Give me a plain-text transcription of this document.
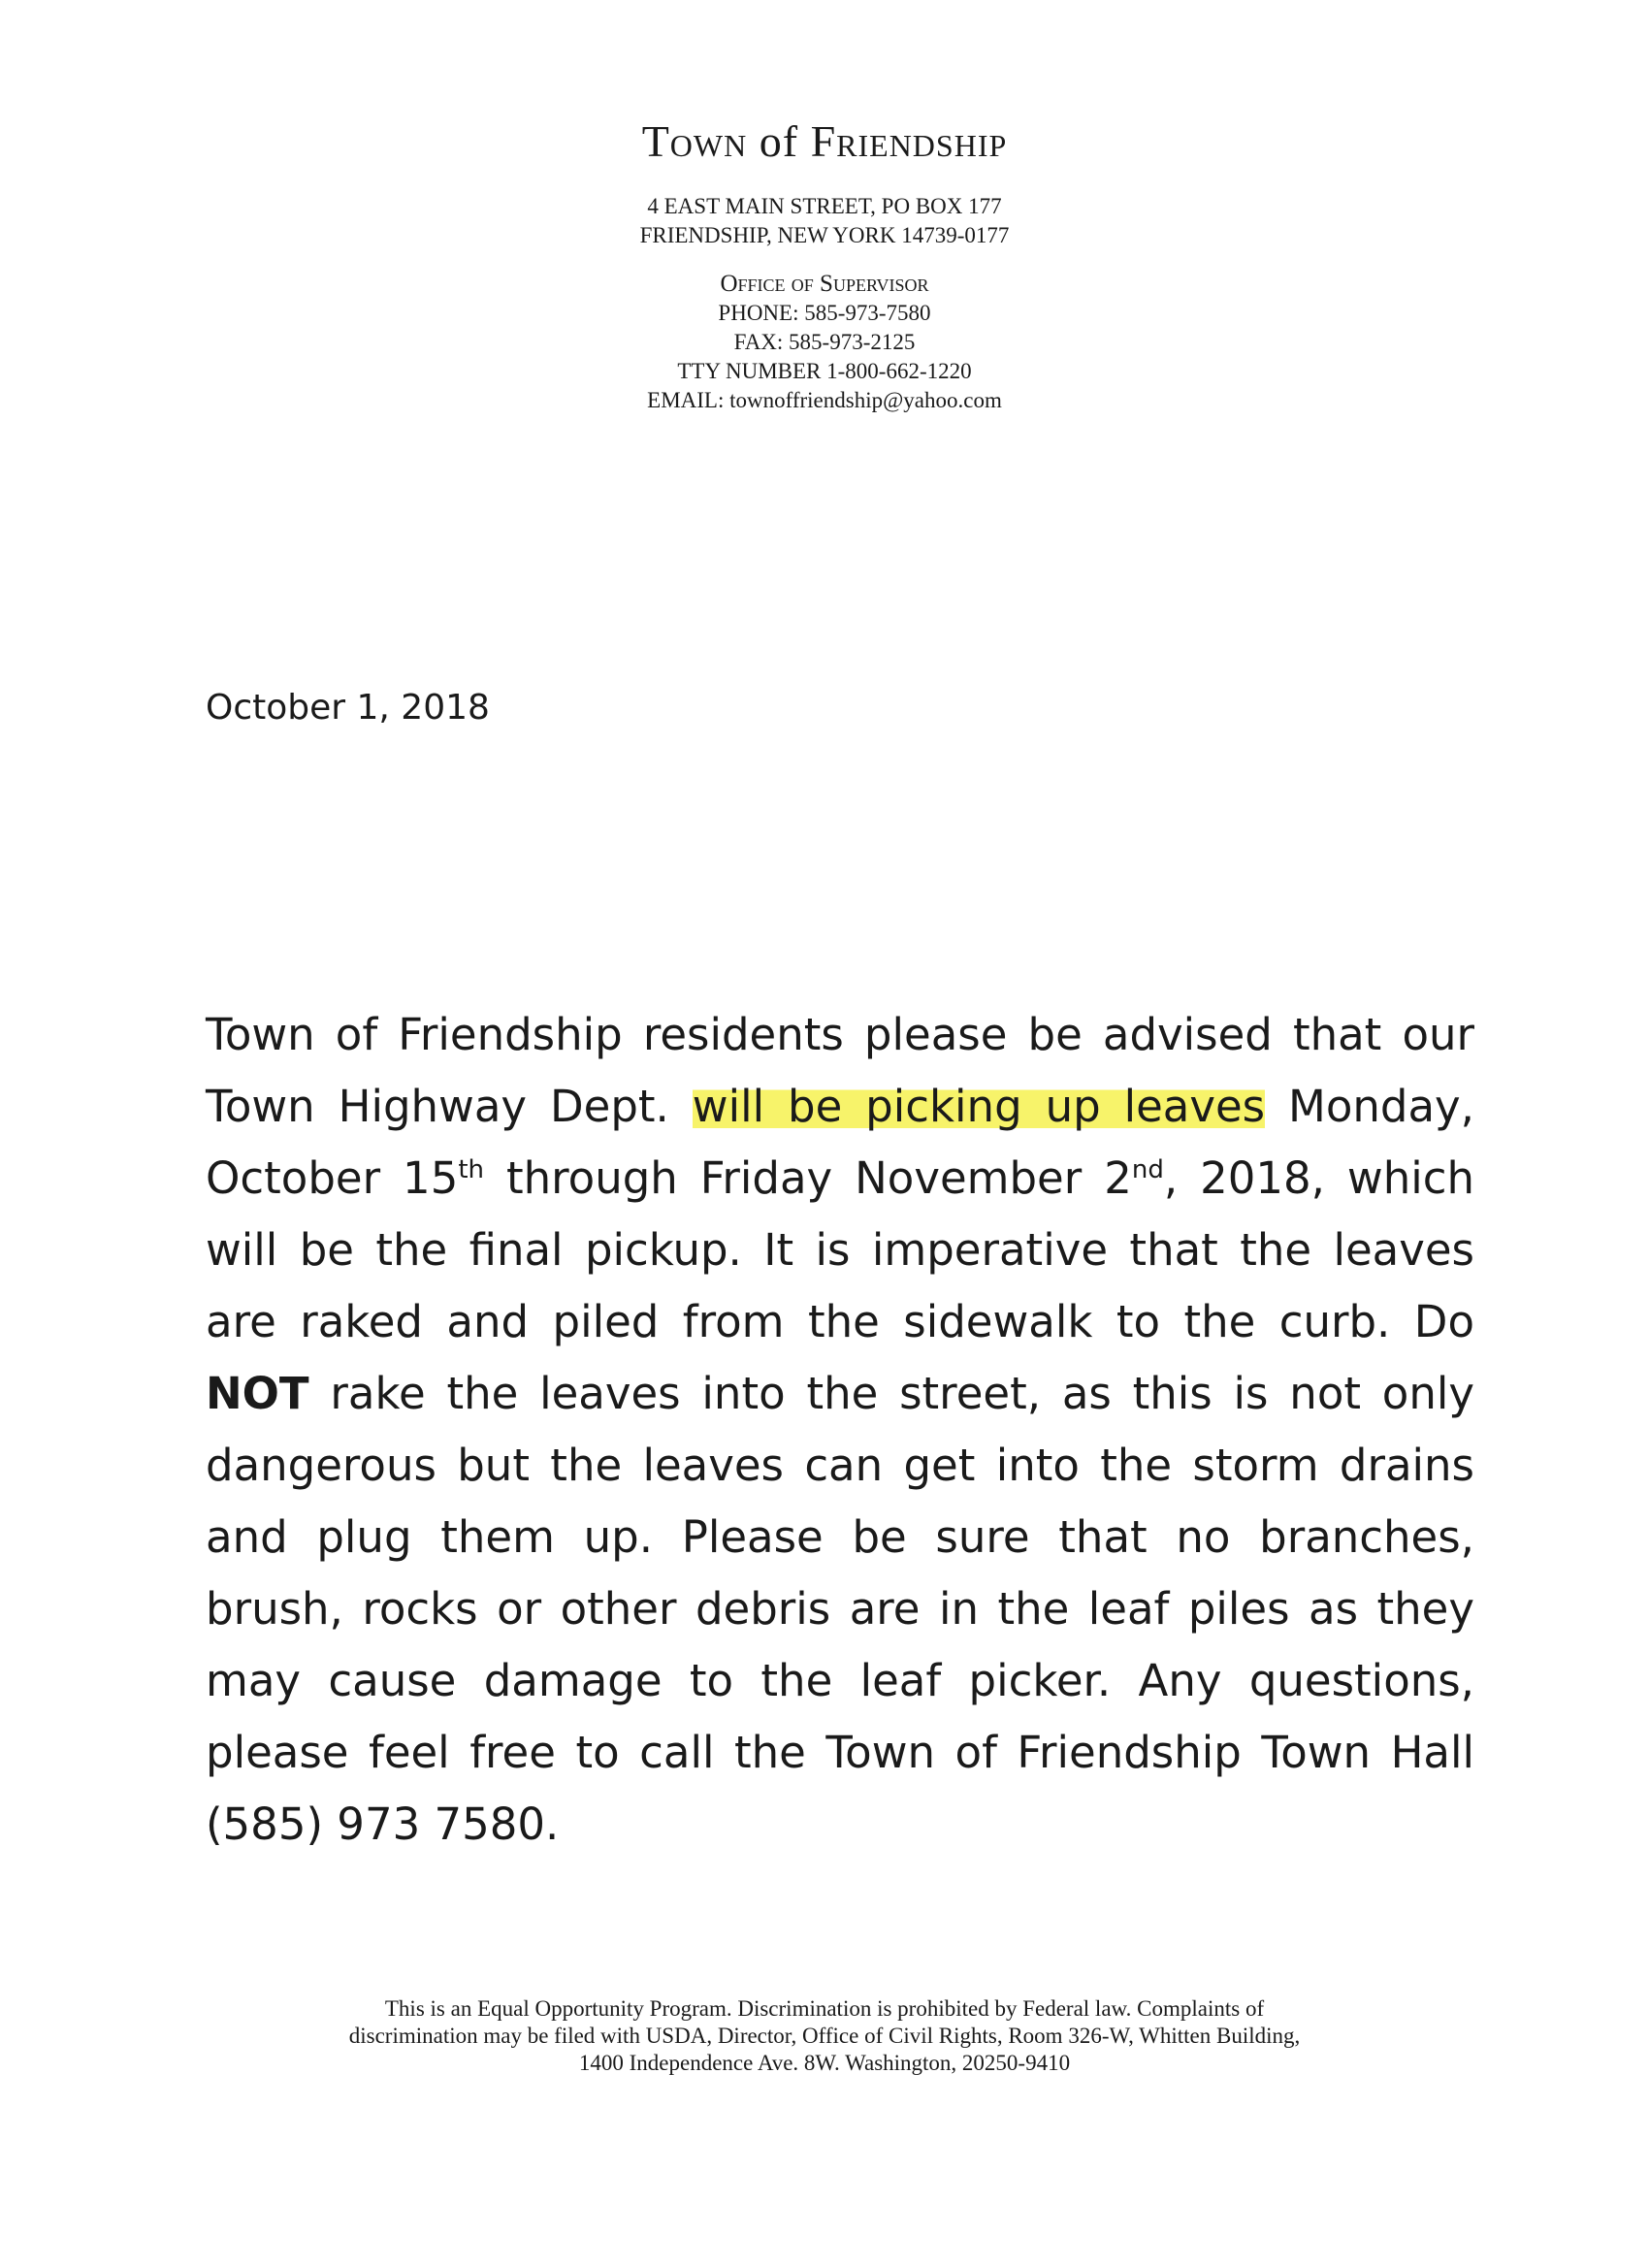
Town of Friendship
4 EAST MAIN STREET, PO BOX 177
FRIENDSHIP, NEW YORK 14739-0177
Office of Supervisor
PHONE: 585-973-7580
FAX: 585-973-2125
TTY NUMBER 1-800-662-1220
EMAIL: townoffriendship@yahoo.com
October 1, 2018

Town of Friendship residents please be advised that our Town Highway Dept. will be picking up leaves Monday, October 15th through Friday November 2nd, 2018, which will be the final pickup. It is imperative that the leaves are raked and piled from the sidewalk to the curb. Do NOT rake the leaves into the street, as this is not only dangerous but the leaves can get into the storm drains and plug them up. Please be sure that no branches, brush, rocks or other debris are in the leaf piles as they may cause damage to the leaf picker. Any questions, please feel free to call the Town of Friendship Town Hall (585) 973 7580.

This is an Equal Opportunity Program. Discrimination is prohibited by Federal law. Complaints of
discrimination may be filed with USDA, Director, Office of Civil Rights, Room 326-W, Whitten Building,
1400 Independence Ave. 8W. Washington, 20250-9410
